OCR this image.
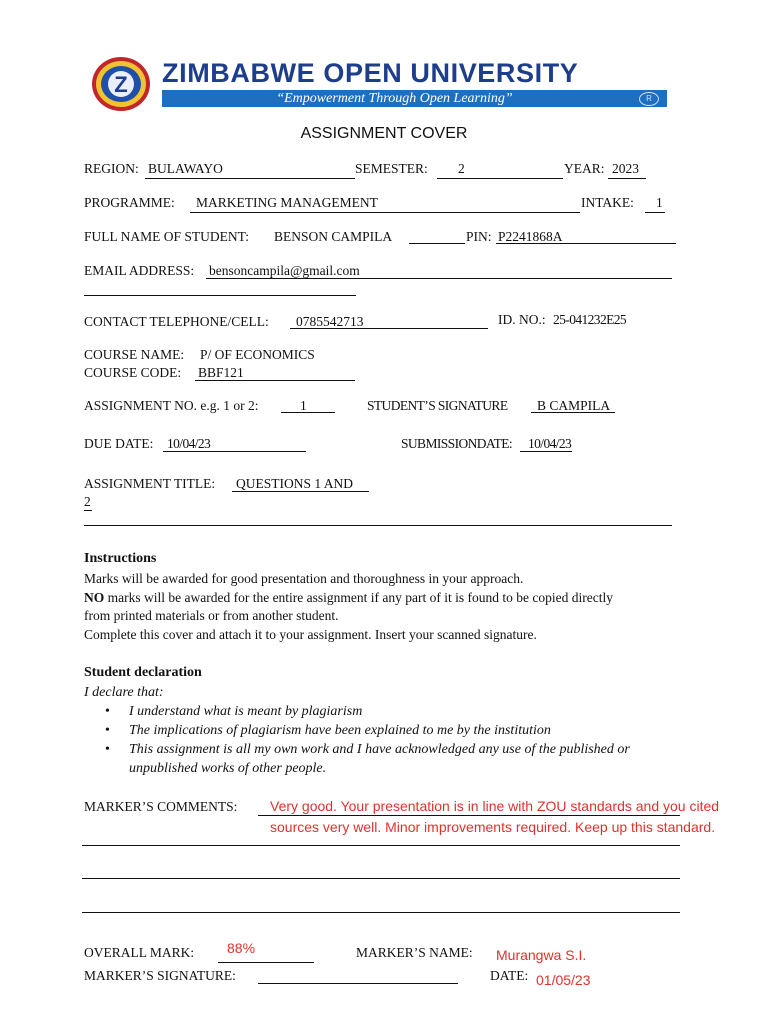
Z ZIMBABWE OPEN UNIVERSITY
“Empowerment Through Open Learning”	R
ASSIGNMENT COVER
REGION: BULAWAYO	SEMESTER: 2	YEAR: 2023
PROGRAMME: MARKETING MANAGEMENT	INTAKE: 1
FULL NAME OF STUDENT: BENSON CAMPILA	PIN: P2241868A
EMAIL ADDRESS: bensoncampila@gmail.com
CONTACT TELEPHONE/CELL: 0785542713	ID. NO.: 25-041232E25
COURSE NAME: P/ OF ECONOMICS
COURSE CODE: BBF121
ASSIGNMENT NO. e.g. 1 or 2:	1	STUDENT’S SIGNATURE B CAMPILA
DUE DATE: 10/04/23	SUBMISSIONDATE: 10/04/23
ASSIGNMENT TITLE: QUESTIONS 1 AND
2
Instructions
Marks will be awarded for good presentation and thoroughness in your approach.
NO marks will be awarded for the entire assignment if any part of it is found to be copied directly
from printed materials or from another student.
Complete this cover and attach it to your assignment. Insert your scanned signature.
Student declaration
I declare that:
• I understand what is meant by plagiarism
• The implications of plagiarism have been explained to me by the institution
• This assignment is all my own work and I have acknowledged any use of the published or
unpublished works of other people.
MARKER’S COMMENTS: Very good. Your presentation is in line with ZOU standards and you cited
sources very well. Minor improvements required. Keep up this standard.
OVERALL MARK: 88%	MARKER’S NAME: Murangwa S.I.
MARKER’S SIGNATURE:	DATE: 01/05/23
